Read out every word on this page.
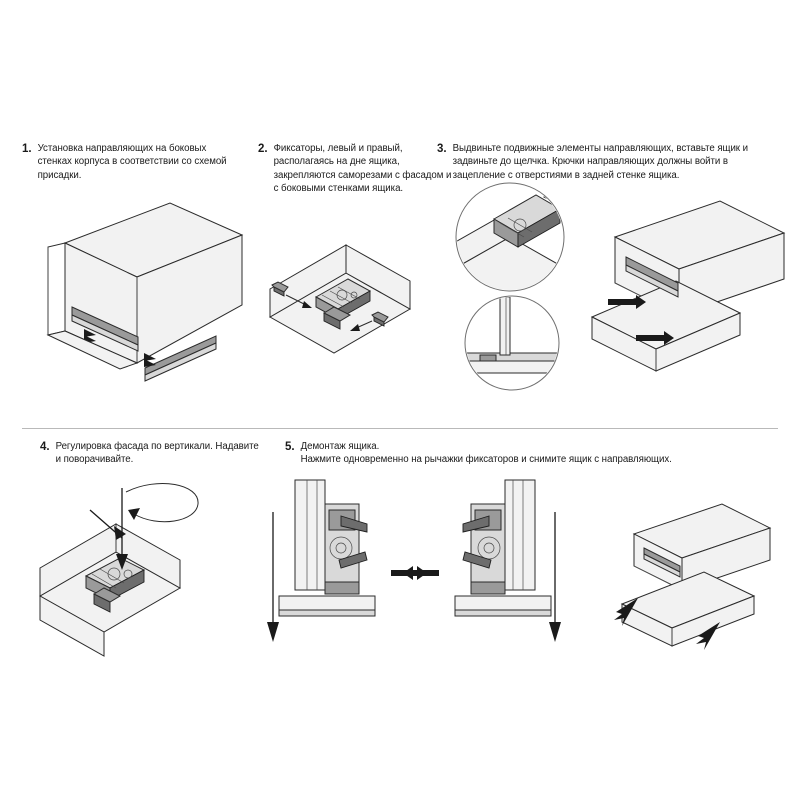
1. Установка направляющих на боковых стенках корпуса в соответствии со схемой присадки.
2. Фиксаторы, левый и правый, располагаясь на дне ящика, закрепляются саморезами с фасадом и с боковыми стенками ящика.
3. Выдвиньте подвижные элементы направляющих, вставьте ящик и задвиньте до щелчка. Крючки направляющих должны войти в зацепление с отверстиями в задней стенке ящика.
4. Регулировка фасада по вертикали. Надавите и поворачивайте.
5. Демонтаж ящика.
Нажмите одновременно на рычажки фиксаторов и снимите ящик с направляющих.
